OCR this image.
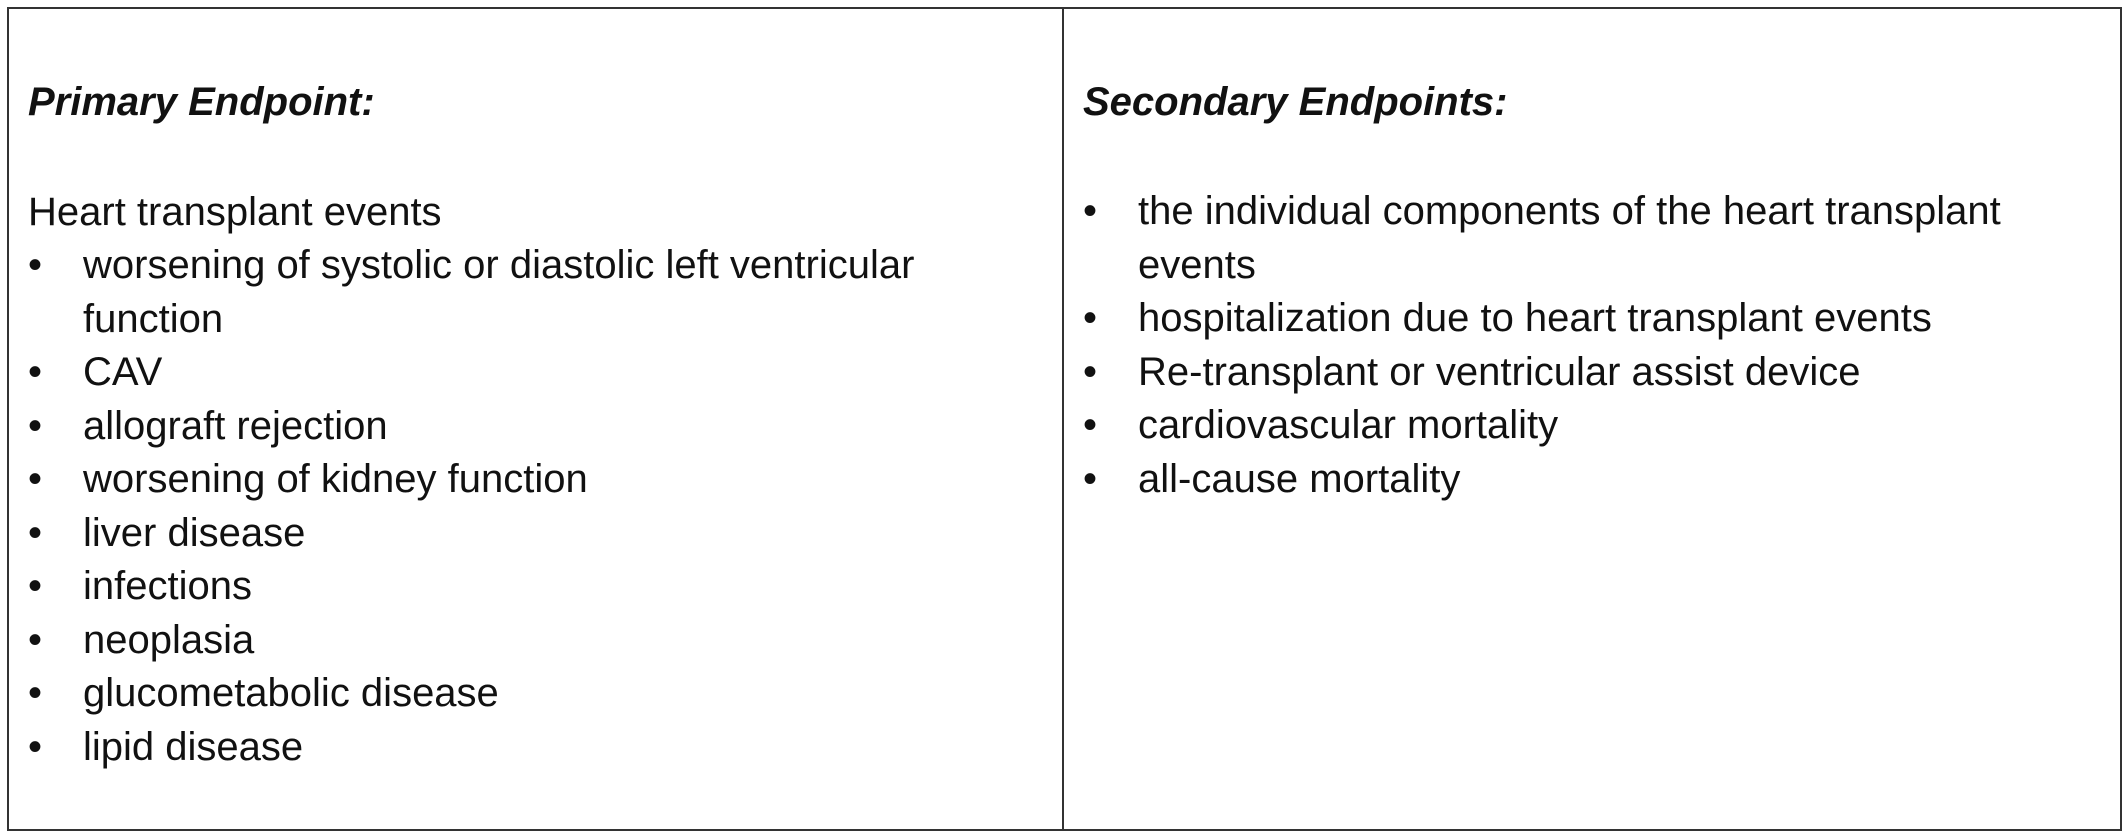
Primary Endpoint:

Heart transplant events

• worsening of systolic or diastolic left ventricular function
• CAV
• allograft rejection
• worsening of kidney function
• liver disease
• infections
• neoplasia
• glucometabolic disease
• lipid disease

Secondary Endpoints:

• the individual components of the heart transplant events
• hospitalization due to heart transplant events
• Re-transplant or ventricular assist device
• cardiovascular mortality
• all-cause mortality
